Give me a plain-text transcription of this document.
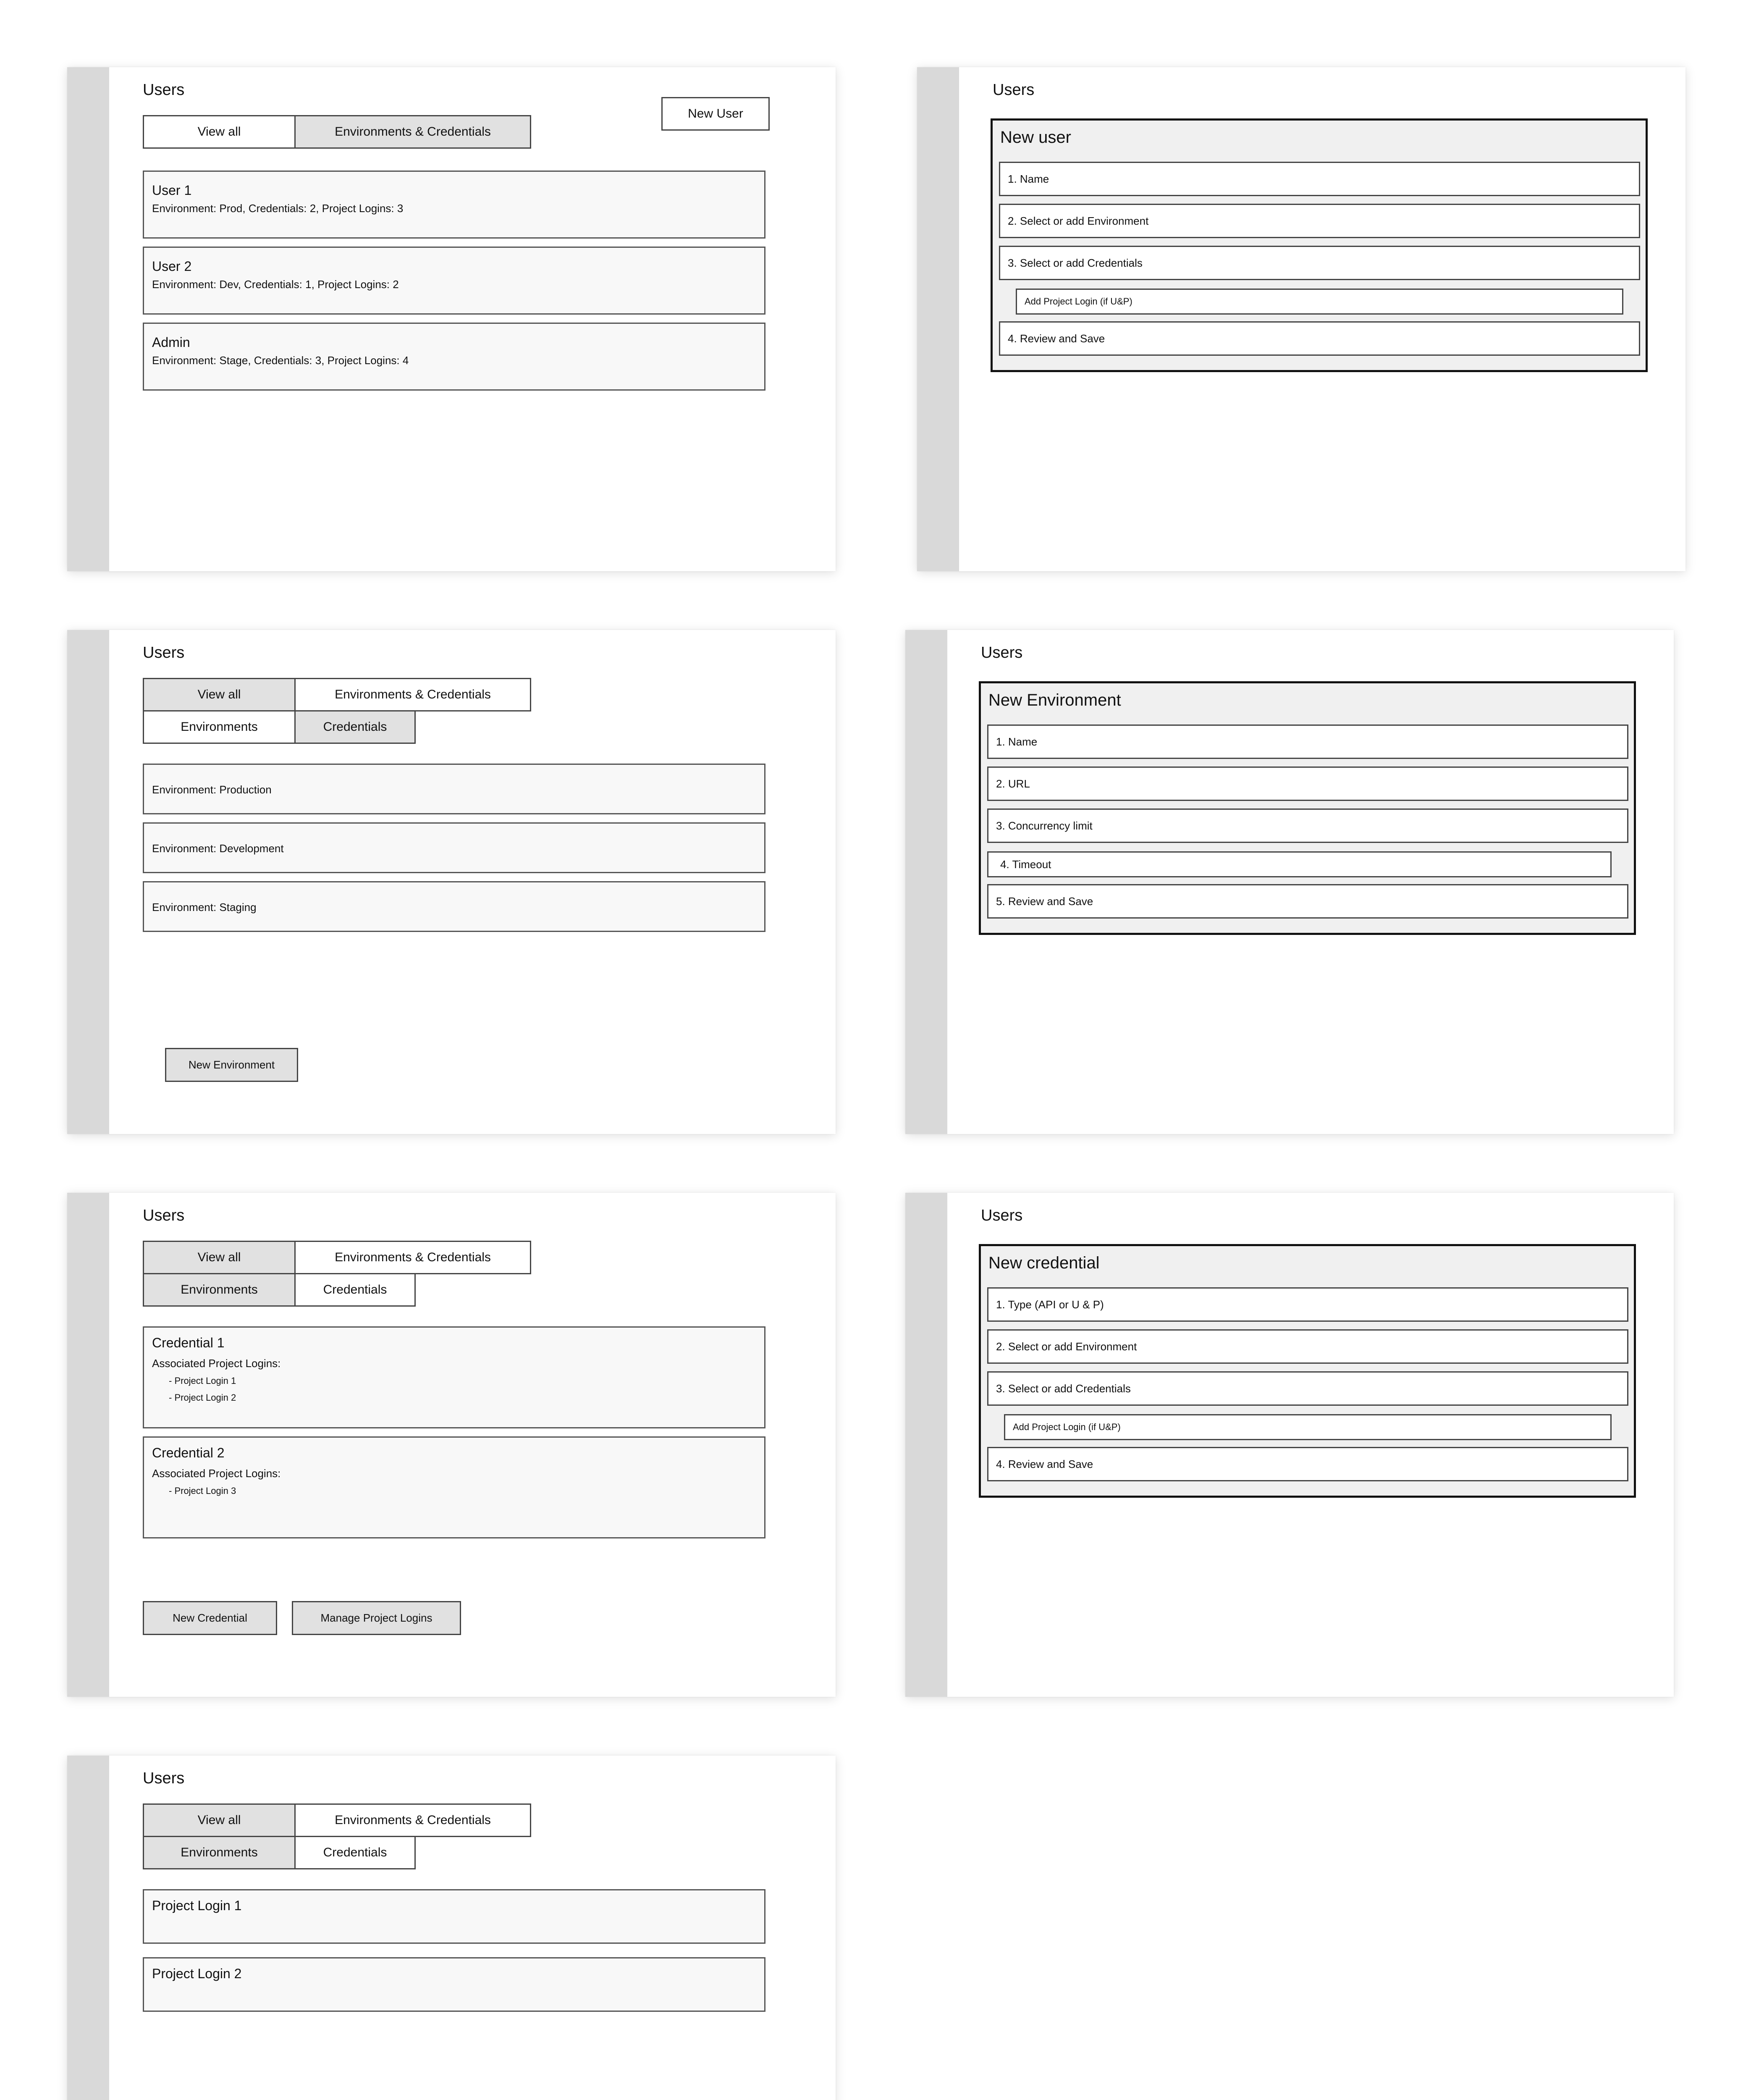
Users
View all	Environments & Credentials
New User
User 1
Environment: Prod, Credentials: 2, Project Logins: 3
User 2
Environment: Dev, Credentials: 1, Project Logins: 2
Admin
Environment: Stage, Credentials: 3, Project Logins: 4
Users
New user
1. Name
2. Select or add Environment
3. Select or add Credentials
Add Project Login (if U&P)
4. Review and Save
Users
View all	Environments & Credentials
Environments	Credentials
Environment: Production
Environment: Development
Environment: Staging
New Environment
Users
New Environment
1. Name
2. URL
3. Concurrency limit
4. Timeout
5. Review and Save
Users
View all	Environments & Credentials
Environments	Credentials
Credential 1
Associated Project Logins:
- Project Login 1
- Project Login 2
Credential 2
Associated Project Logins:
- Project Login 3
New Credential	Manage Project Logins
Users
New credential
1. Type (API or U & P)
2. Select or add Environment
3. Select or add Credentials
Add Project Login (if U&P)
4. Review and Save
Users
View all	Environments & Credentials
Environments	Credentials
Project Login 1
Project Login 2
